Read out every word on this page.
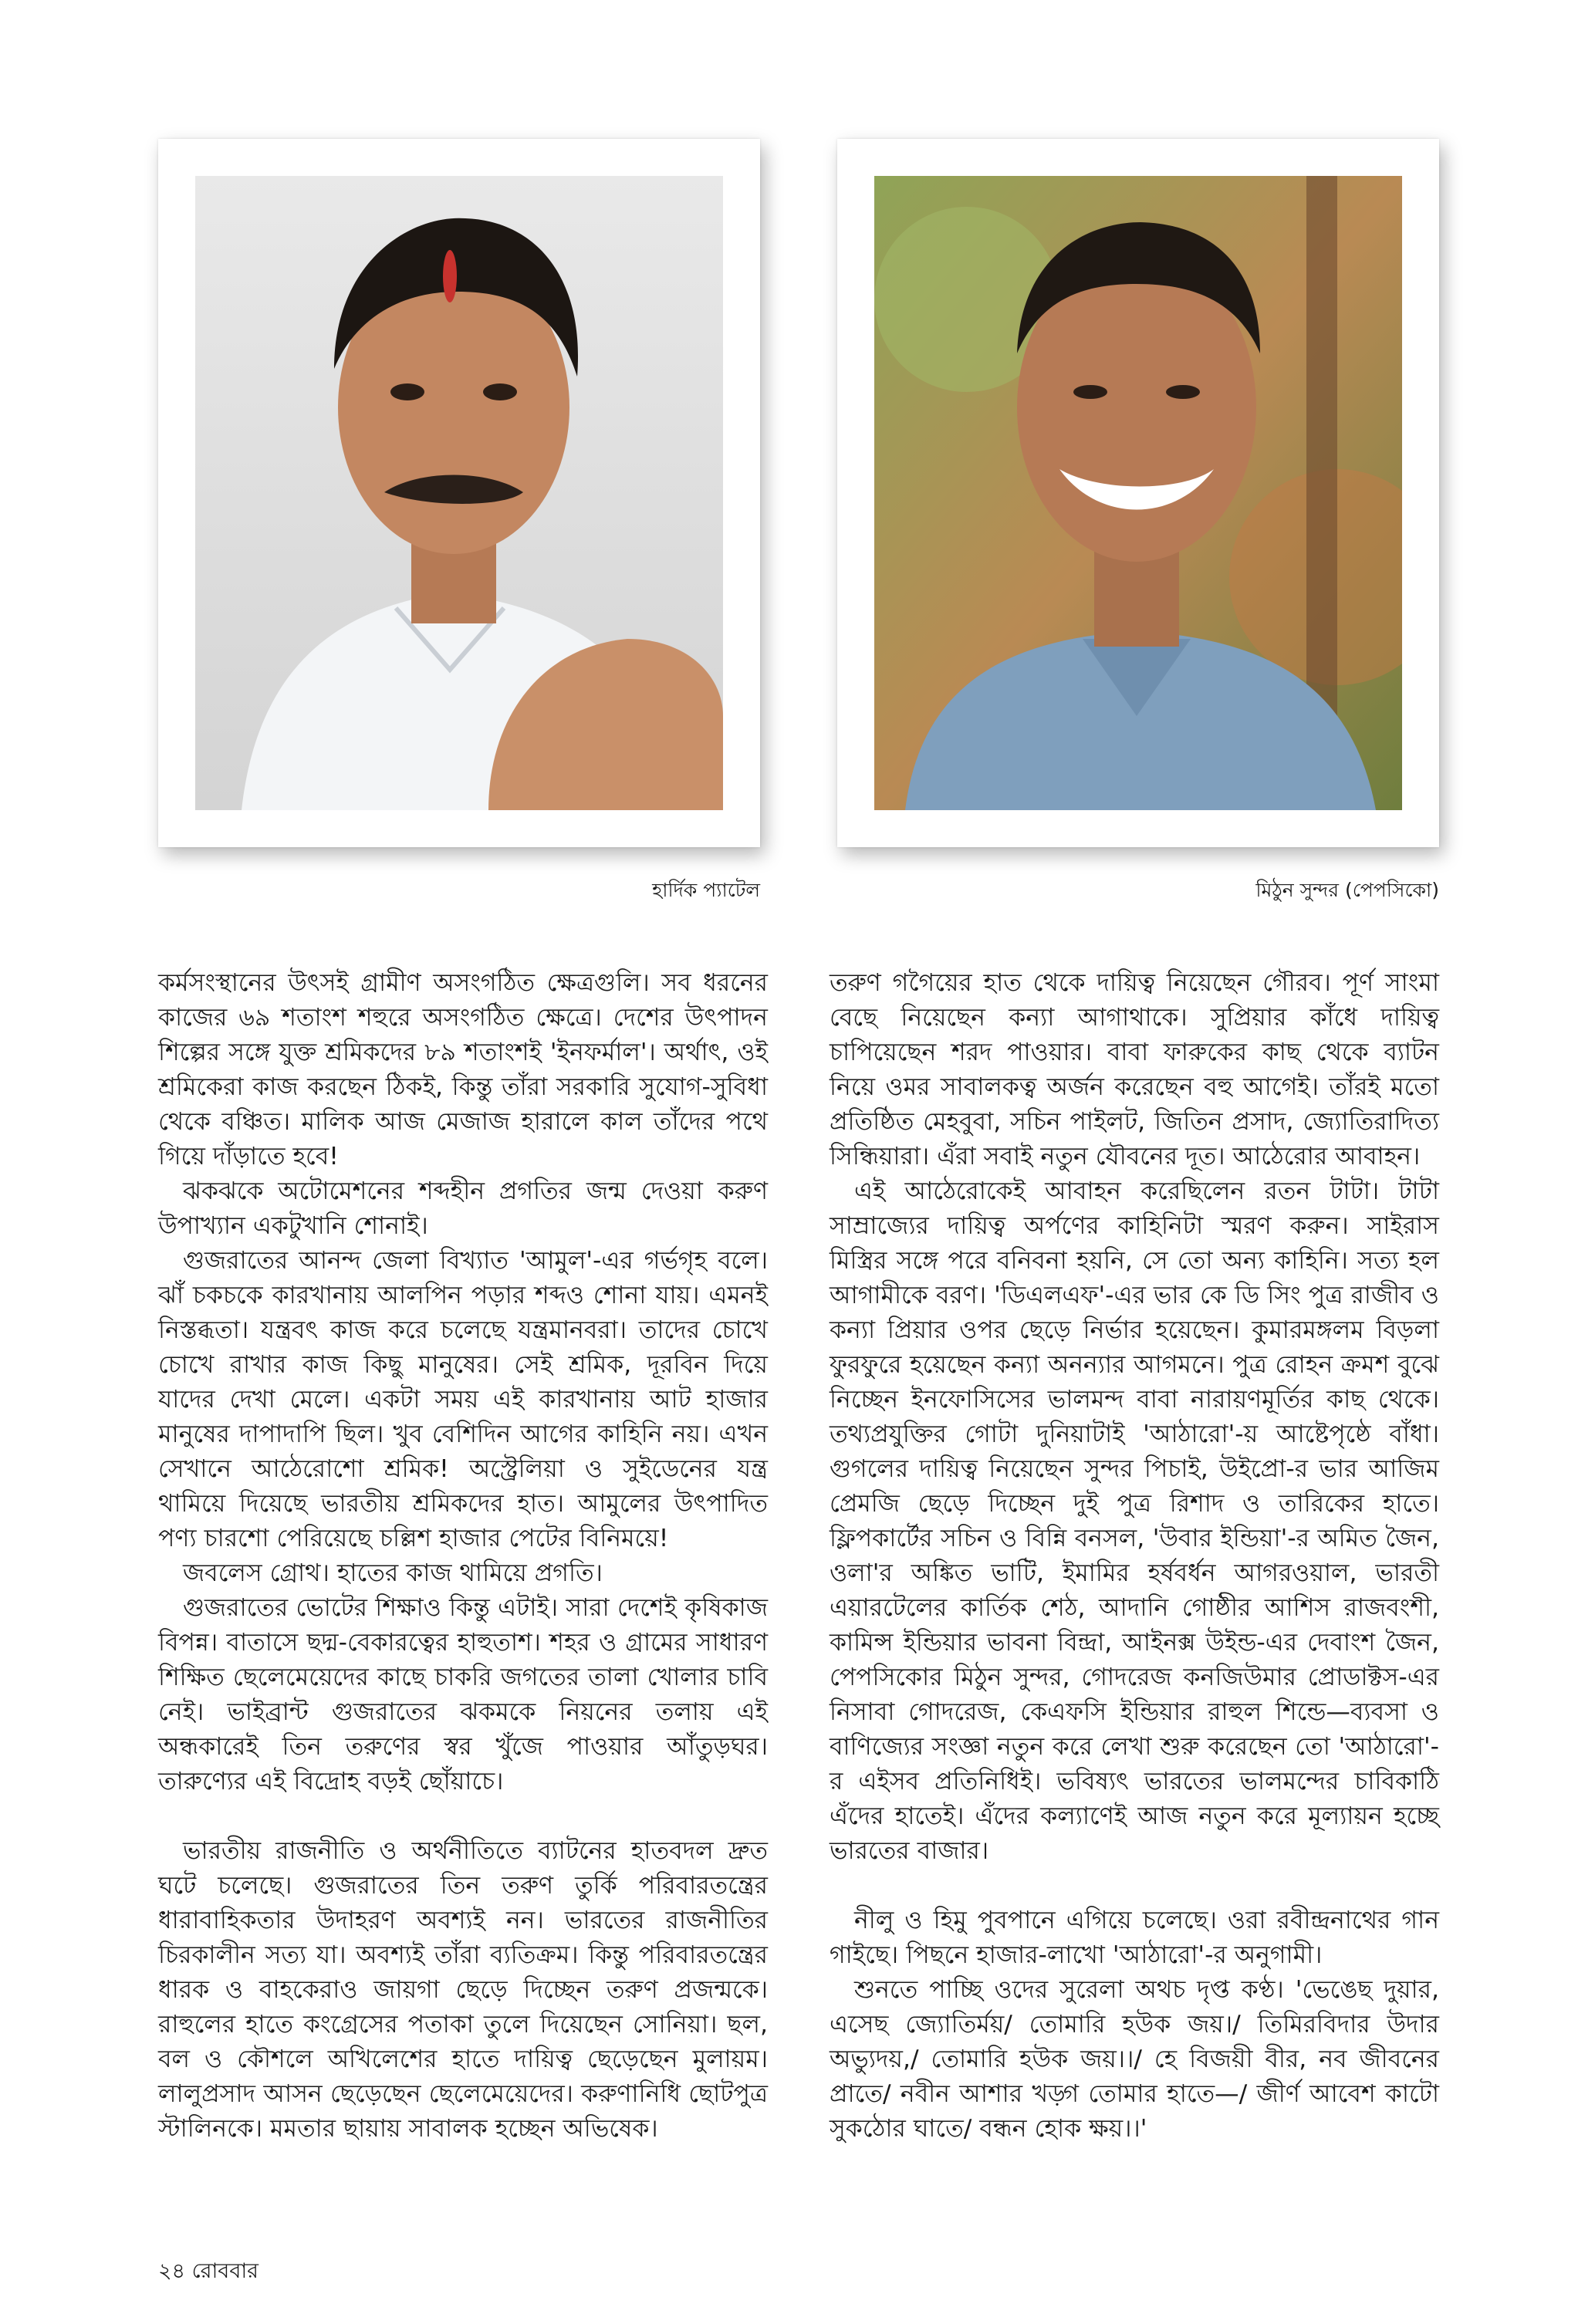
হার্দিক প্যাটেল	মিঠুন সুন্দর (পেপসিকো)

কর্মসংস্থানের উৎসই গ্রামীণ অসংগঠিত ক্ষেত্রগুলি। সব ধরনের কাজের ৬৯ শতাংশ শহুরে অসংগঠিত ক্ষেত্রে। দেশের উৎপাদন শিল্পের সঙ্গে যুক্ত শ্রমিকদের ৮৯ শতাংশই 'ইনফর্মাল'। অর্থাৎ, ওই শ্রমিকেরা কাজ করছেন ঠিকই, কিন্তু তাঁরা সরকারি সুযোগ-সুবিধা থেকে বঞ্চিত। মালিক আজ মেজাজ হারালে কাল তাঁদের পথে গিয়ে দাঁড়াতে হবে!

ঝকঝকে অটোমেশনের শব্দহীন প্রগতির জন্ম দেওয়া করুণ উপাখ্যান একটুখানি শোনাই।

গুজরাতের আনন্দ জেলা বিখ্যাত 'আমুল'-এর গর্ভগৃহ বলে। ঝাঁ চকচকে কারখানায় আলপিন পড়ার শব্দও শোনা যায়। এমনই নিস্তব্ধতা। যন্ত্রবৎ কাজ করে চলেছে যন্ত্রমানবরা। তাদের চোখে চোখে রাখার কাজ কিছু মানুষের। সেই শ্রমিক, দূরবিন দিয়ে যাদের দেখা মেলে। একটা সময় এই কারখানায় আট হাজার মানুষের দাপাদাপি ছিল। খুব বেশিদিন আগের কাহিনি নয়। এখন সেখানে আঠেরোশো শ্রমিক! অস্ট্রেলিয়া ও সুইডেনের যন্ত্র থামিয়ে দিয়েছে ভারতীয় শ্রমিকদের হাত। আমুলের উৎপাদিত পণ্য চারশো পেরিয়েছে চল্লিশ হাজার পেটের বিনিময়ে!

জবলেস গ্রোথ। হাতের কাজ থামিয়ে প্রগতি।

গুজরাতের ভোটের শিক্ষাও কিন্তু এটাই। সারা দেশেই কৃষিকাজ বিপন্ন। বাতাসে ছদ্ম-বেকারত্বের হাহুতাশ। শহর ও গ্রামের সাধারণ শিক্ষিত ছেলেমেয়েদের কাছে চাকরি জগতের তালা খোলার চাবি নেই। ভাইব্রান্ট গুজরাতের ঝকমকে নিয়নের তলায় এই অন্ধকারেই তিন তরুণের স্বর খুঁজে পাওয়ার আঁতুড়ঘর। তারুণ্যের এই বিদ্রোহ বড়ই ছোঁয়াচে।

ভারতীয় রাজনীতি ও অর্থনীতিতে ব্যাটনের হাতবদল দ্রুত ঘটে চলেছে। গুজরাতের তিন তরুণ তুর্কি পরিবারতন্ত্রের ধারাবাহিকতার উদাহরণ অবশ্যই নন। ভারতের রাজনীতির চিরকালীন সত্য যা। অবশ্যই তাঁরা ব্যতিক্রম। কিন্তু পরিবারতন্ত্রের ধারক ও বাহকেরাও জায়গা ছেড়ে দিচ্ছেন তরুণ প্রজন্মকে। রাহুলের হাতে কংগ্রেসের পতাকা তুলে দিয়েছেন সোনিয়া। ছল, বল ও কৌশলে অখিলেশের হাতে দায়িত্ব ছেড়েছেন মুলায়ম। লালুপ্রসাদ আসন ছেড়েছেন ছেলেমেয়েদের। করুণানিধি ছোটপুত্র স্টালিনকে। মমতার ছায়ায় সাবালক হচ্ছেন অভিষেক।

তরুণ গগৈয়ের হাত থেকে দায়িত্ব নিয়েছেন গৌরব। পূর্ণ সাংমা বেছে নিয়েছেন কন্যা আগাথাকে। সুপ্রিয়ার কাঁধে দায়িত্ব চাপিয়েছেন শরদ পাওয়ার। বাবা ফারুকের কাছ থেকে ব্যাটন নিয়ে ওমর সাবালকত্ব অর্জন করেছেন বহু আগেই। তাঁরই মতো প্রতিষ্ঠিত মেহবুবা, সচিন পাইলট, জিতিন প্রসাদ, জ্যোতিরাদিত্য সিন্ধিয়ারা। এঁরা সবাই নতুন যৌবনের দূত। আঠেরোর আবাহন।

এই আঠেরোকেই আবাহন করেছিলেন রতন টাটা। টাটা সাম্রাজ্যের দায়িত্ব অর্পণের কাহিনিটা স্মরণ করুন। সাইরাস মিস্ত্রির সঙ্গে পরে বনিবনা হয়নি, সে তো অন্য কাহিনি। সত্য হল আগামীকে বরণ। 'ডিএলএফ'-এর ভার কে ডি সিং পুত্র রাজীব ও কন্যা প্রিয়ার ওপর ছেড়ে নির্ভার হয়েছেন। কুমারমঙ্গলম বিড়লা ফুরফুরে হয়েছেন কন্যা অনন্যার আগমনে। পুত্র রোহন ক্রমশ বুঝে নিচ্ছেন ইনফোসিসের ভালমন্দ বাবা নারায়ণমূর্তির কাছ থেকে। তথ্যপ্রযুক্তির গোটা দুনিয়াটাই 'আঠারো'-য় আষ্টেপৃষ্ঠে বাঁধা। গুগলের দায়িত্ব নিয়েছেন সুন্দর পিচাই, উইপ্রো-র ভার আজিম প্রেমজি ছেড়ে দিচ্ছেন দুই পুত্র রিশাদ ও তারিকের হাতে। ফ্লিপকার্টের সচিন ও বিন্নি বনসল, 'উবার ইন্ডিয়া'-র অমিত জৈন, ওলা'র অঙ্কিত ভাটি, ইমামির হর্ষবর্ধন আগরওয়াল, ভারতী এয়ারটেলের কার্তিক শেঠ, আদানি গোষ্ঠীর আশিস রাজবংশী, কামিন্স ইন্ডিয়ার ভাবনা বিন্দ্রা, আইনক্স উইন্ড-এর দেবাংশ জৈন, পেপসিকোর মিঠুন সুন্দর, গোদরেজ কনজিউমার প্রোডাক্টস-এর নিসাবা গোদরেজ, কেএফসি ইন্ডিয়ার রাহুল শিন্ডে—ব্যবসা ও বাণিজ্যের সংজ্ঞা নতুন করে লেখা শুরু করেছেন তো 'আঠারো'-র এইসব প্রতিনিধিই। ভবিষ্যৎ ভারতের ভালমন্দের চাবিকাঠি এঁদের হাতেই। এঁদের কল্যাণেই আজ নতুন করে মূল্যায়ন হচ্ছে ভারতের বাজার।

নীলু ও হিমু পুবপানে এগিয়ে চলেছে। ওরা রবীন্দ্রনাথের গান গাইছে। পিছনে হাজার-লাখো 'আঠারো'-র অনুগামী।

শুনতে পাচ্ছি ওদের সুরেলা অথচ দৃপ্ত কণ্ঠ। 'ভেঙেছ দুয়ার, এসেছ জ্যোতির্ময়/ তোমারি হউক জয়।/ তিমিরবিদার উদার অভ্যুদয়,/ তোমারি হউক জয়।।/ হে বিজয়ী বীর, নব জীবনের প্রাতে/ নবীন আশার খড়্গ তোমার হাতে—/ জীর্ণ আবেশ কাটো সুকঠোর ঘাতে/ বন্ধন হোক ক্ষয়।।'

২৪ রোববার
